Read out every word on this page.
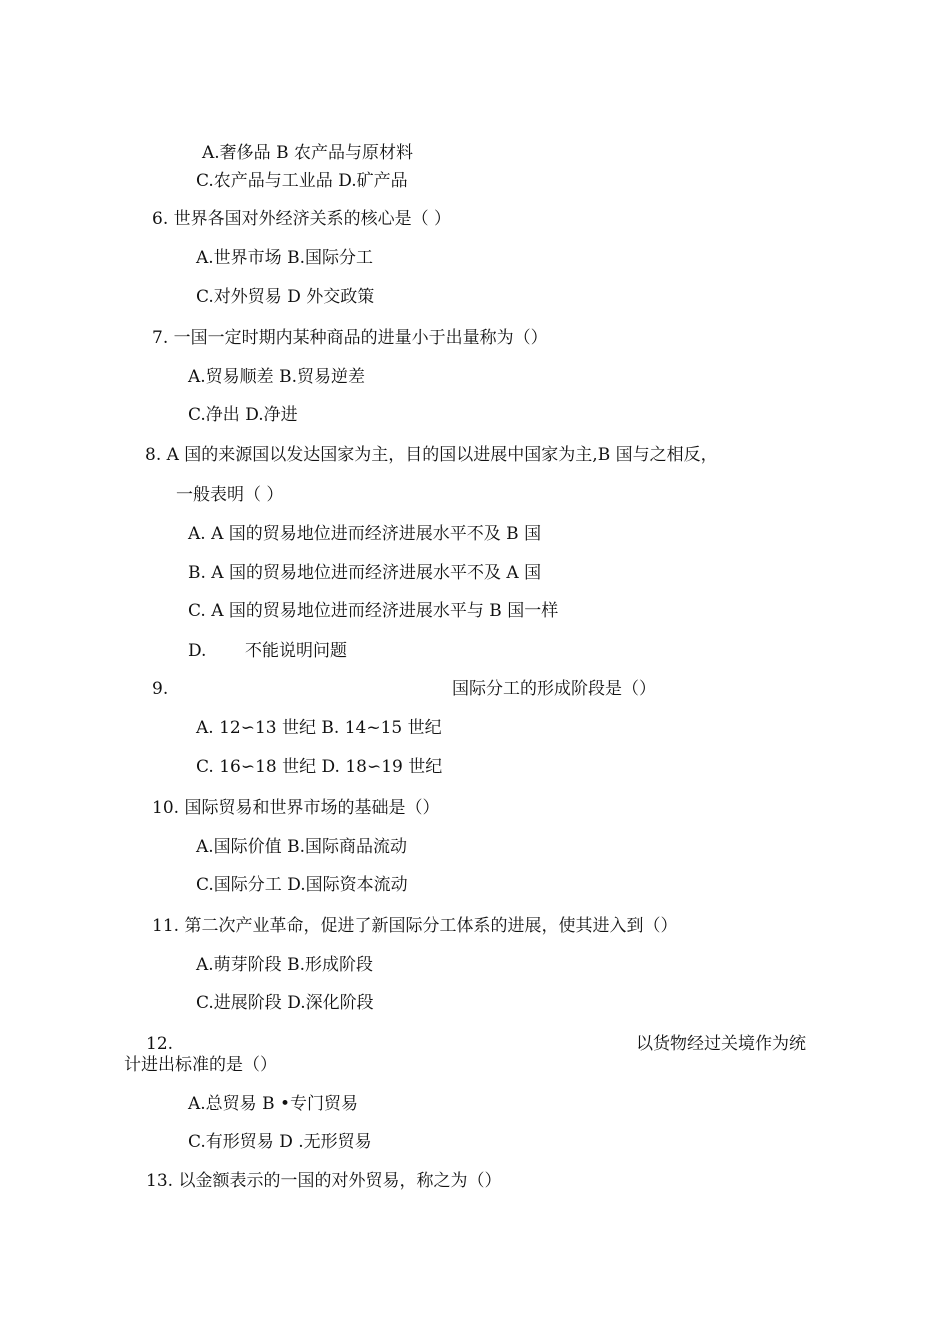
A.奢侈品 B 农产品与原材料
C.农产品与工业品 D.矿产品
6. 世界各国对外经济关系的核心是（ ）
A.世界市场 B.国际分工
C.对外贸易 D 外交政策
7. 一国一定时期内某种商品的进量小于出量称为（）
A.贸易顺差 B.贸易逆差
C.净出 D.净进
8. A 国的来源国以发达国家为主，目的国以进展中国家为主,B 国与之相反，
一般表明（ ）
A. A 国的贸易地位进而经济进展水平不及 B 国
B. A 国的贸易地位进而经济进展水平不及 A 国
C. A 国的贸易地位进而经济进展水平与 B 国一样
D. 不能说明问题
9.	国际分工的形成阶段是（）
A. 12∽13 世纪 B. 14~15 世纪
C. 16∽18 世纪 D. 18∽19 世纪
10. 国际贸易和世界市场的基础是（）
A.国际价值 B.国际商品流动
C.国际分工 D.国际资本流动
11. 第二次产业革命，促进了新国际分工体系的进展，使其进入到（）
A.萌芽阶段 B.形成阶段
C.进展阶段 D.深化阶段
12.	以货物经过关境作为统
计进出标准的是（）
A.总贸易 B •专门贸易
C.有形贸易 D .无形贸易
13. 以金额表示的一国的对外贸易，称之为（）
